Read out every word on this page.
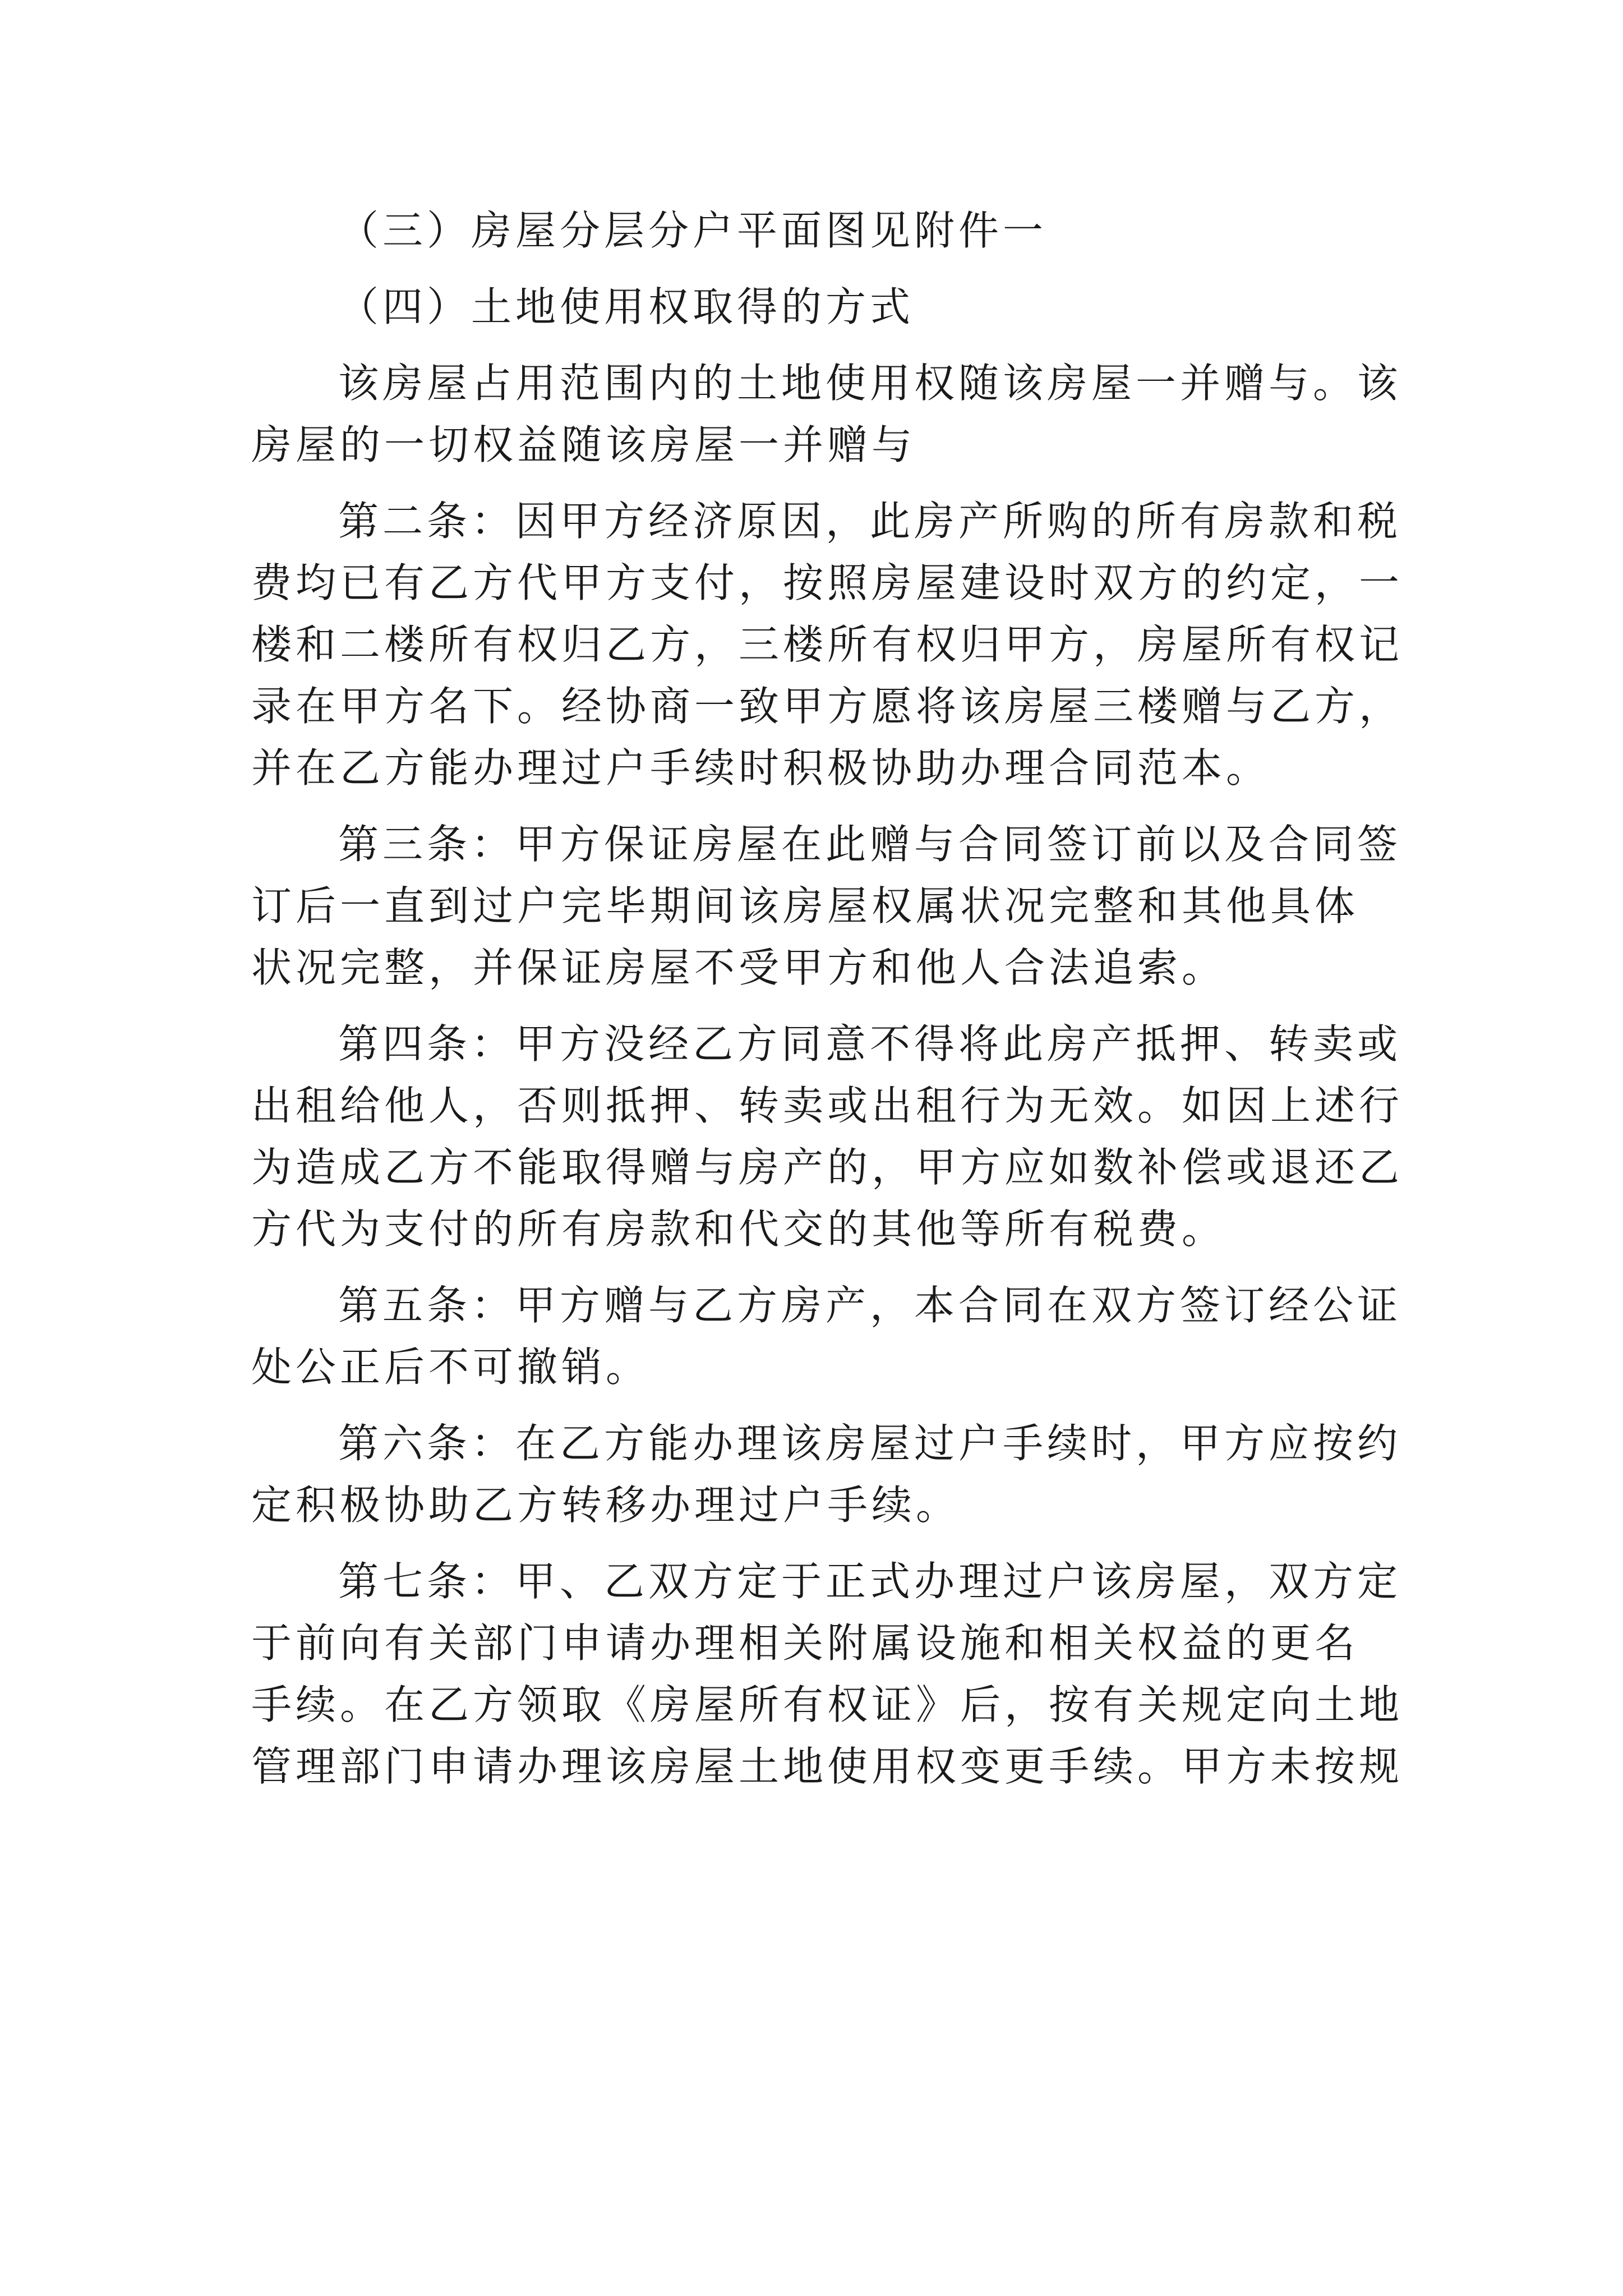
（三）房屋分层分户平面图见附件一
（四）土地使用权取得的方式
该房屋占用范围内的土地使用权随该房屋一并赠与。该
房屋的一切权益随该房屋一并赠与
第二条：因甲方经济原因，此房产所购的所有房款和税
费均已有乙方代甲方支付，按照房屋建设时双方的约定，一
楼和二楼所有权归乙方，三楼所有权归甲方，房屋所有权记
录在甲方名下。经协商一致甲方愿将该房屋三楼赠与乙方，
并在乙方能办理过户手续时积极协助办理合同范本。
第三条：甲方保证房屋在此赠与合同签订前以及合同签
订后一直到过户完毕期间该房屋权属状况完整和其他具体
状况完整，并保证房屋不受甲方和他人合法追索。
第四条：甲方没经乙方同意不得将此房产抵押、转卖或
出租给他人，否则抵押、转卖或出租行为无效。如因上述行
为造成乙方不能取得赠与房产的，甲方应如数补偿或退还乙
方代为支付的所有房款和代交的其他等所有税费。
第五条：甲方赠与乙方房产，本合同在双方签订经公证
处公正后不可撤销。
第六条：在乙方能办理该房屋过户手续时，甲方应按约
定积极协助乙方转移办理过户手续。
第七条：甲、乙双方定于正式办理过户该房屋，双方定
于前向有关部门申请办理相关附属设施和相关权益的更名
手续。在乙方领取《房屋所有权证》后，按有关规定向土地
管理部门申请办理该房屋土地使用权变更手续。甲方未按规
